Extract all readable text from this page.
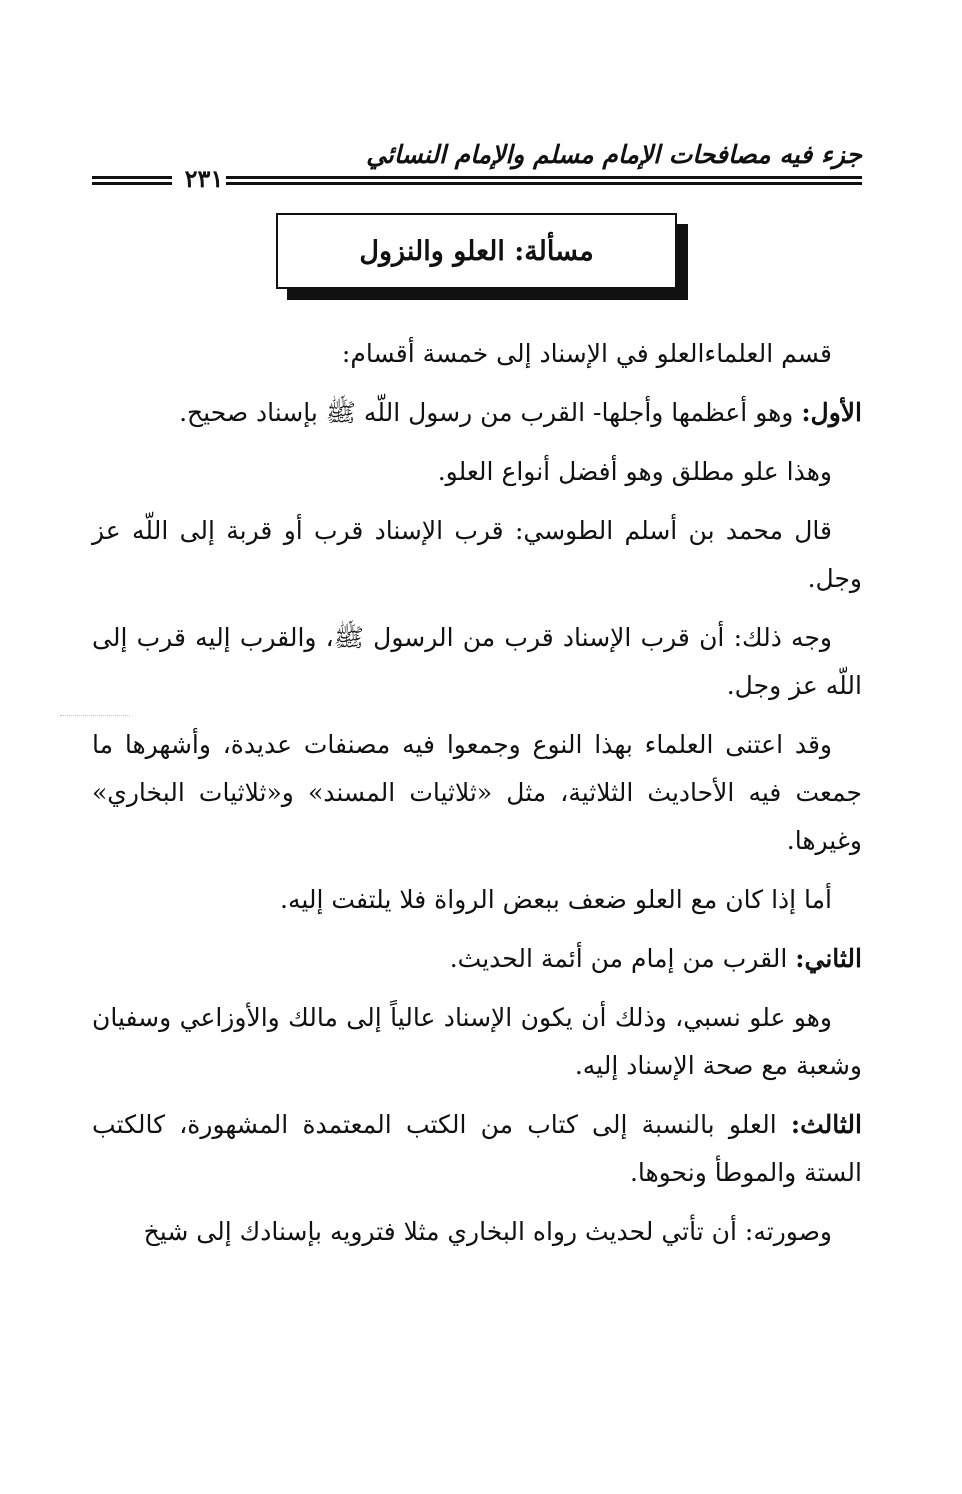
جزء فيه مصافحات الإمام مسلم والإمام النسائي
٢٣١
مسألة: العلو والنزول

قسم العلماءالعلو في الإسناد إلى خمسة أقسام:

الأول: وهو أعظمها وأجلها- القرب من رسول اللّه ﷺ بإسناد صحيح.

وهذا علو مطلق وهو أفضل أنواع العلو.

قال محمد بن أسلم الطوسي: قرب الإسناد قرب أو قربة إلى اللّه عز وجل.

وجه ذلك: أن قرب الإسناد قرب من الرسول ﷺ، والقرب إليه قرب إلى اللّه عز وجل.

وقد اعتنى العلماء بهذا النوع وجمعوا فيه مصنفات عديدة، وأشهرها ما جمعت فيه الأحاديث الثلاثية، مثل «ثلاثيات المسند» و«ثلاثيات البخاري» وغيرها.

أما إذا كان مع العلو ضعف ببعض الرواة فلا يلتفت إليه.

الثاني: القرب من إمام من أئمة الحديث.

وهو علو نسبي، وذلك أن يكون الإسناد عالياً إلى مالك والأوزاعي وسفيان وشعبة مع صحة الإسناد إليه.

الثالث: العلو بالنسبة إلى كتاب من الكتب المعتمدة المشهورة، كالكتب الستة والموطأ ونحوها.

وصورته: أن تأتي لحديث رواه البخاري مثلا فترويه بإسنادك إلى شيخ
